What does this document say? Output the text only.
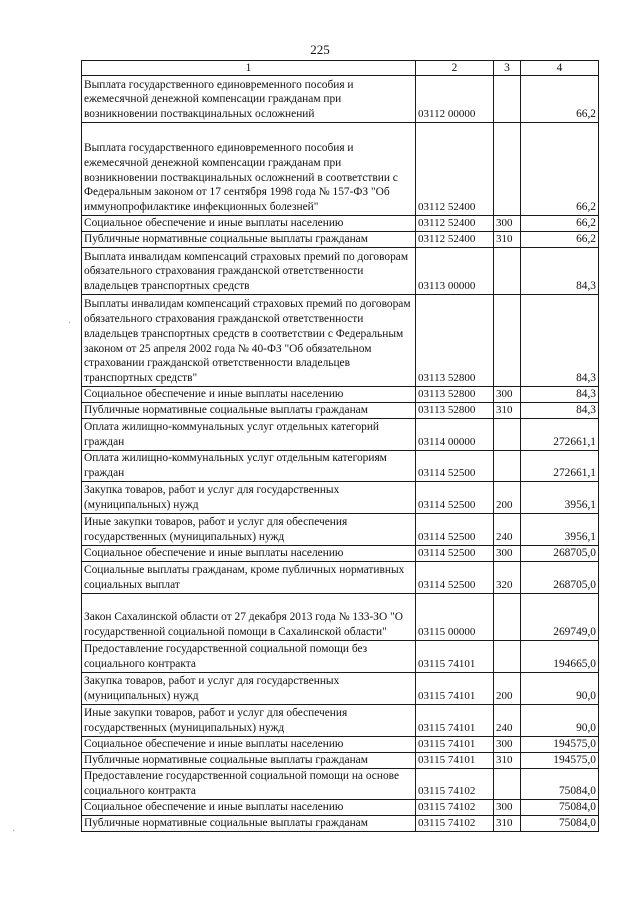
225
1	2	3	4
Выплата государственного единовременного пособия и ежемесячной денежной компенсации гражданам при возникновении поствакцинальных осложнений	03112 00000		66,2
Выплата государственного единовременного пособия и ежемесячной денежной компенсации гражданам при возникновении поствакцинальных осложнений в соответствии с Федеральным законом от 17 сентября 1998 года № 157-ФЗ "Об иммунопрофилактике инфекционных болезней"	03112 52400		66,2
Социальное обеспечение и иные выплаты населению	03112 52400	300	66,2
Публичные нормативные социальные выплаты гражданам	03112 52400	310	66,2
Выплата инвалидам компенсаций страховых премий по договорам обязательного страхования гражданской ответственности владельцев транспортных средств	03113 00000		84,3
Выплаты инвалидам компенсаций страховых премий по договорам обязательного страхования гражданской ответственности владельцев транспортных средств в соответствии с Федеральным законом от 25 апреля 2002 года № 40-ФЗ "Об обязательном страховании гражданской ответственности владельцев транспортных средств"	03113 52800		84,3
Социальное обеспечение и иные выплаты населению	03113 52800	300	84,3
Публичные нормативные социальные выплаты гражданам	03113 52800	310	84,3
Оплата жилищно-коммунальных услуг отдельных категорий граждан	03114 00000		272661,1
Оплата жилищно-коммунальных услуг отдельным категориям граждан	03114 52500		272661,1
Закупка товаров, работ и услуг для государственных (муниципальных) нужд	03114 52500	200	3956,1
Иные закупки товаров, работ и услуг для обеспечения государственных (муниципальных) нужд	03114 52500	240	3956,1
Социальное обеспечение и иные выплаты населению	03114 52500	300	268705,0
Социальные выплаты гражданам, кроме публичных нормативных социальных выплат	03114 52500	320	268705,0
Закон Сахалинской области от 27 декабря 2013 года № 133-ЗО "О государственной социальной помощи в Сахалинской области"	03115 00000		269749,0
Предоставление государственной социальной помощи без социального контракта	03115 74101		194665,0
Закупка товаров, работ и услуг для государственных (муниципальных) нужд	03115 74101	200	90,0
Иные закупки товаров, работ и услуг для обеспечения государственных (муниципальных) нужд	03115 74101	240	90,0
Социальное обеспечение и иные выплаты населению	03115 74101	300	194575,0
Публичные нормативные социальные выплаты гражданам	03115 74101	310	194575,0
Предоставление государственной социальной помощи на основе социального контракта	03115 74102		75084,0
Социальное обеспечение и иные выплаты населению	03115 74102	300	75084,0
Публичные нормативные социальные выплаты гражданам	03115 74102	310	75084,0
·
·
